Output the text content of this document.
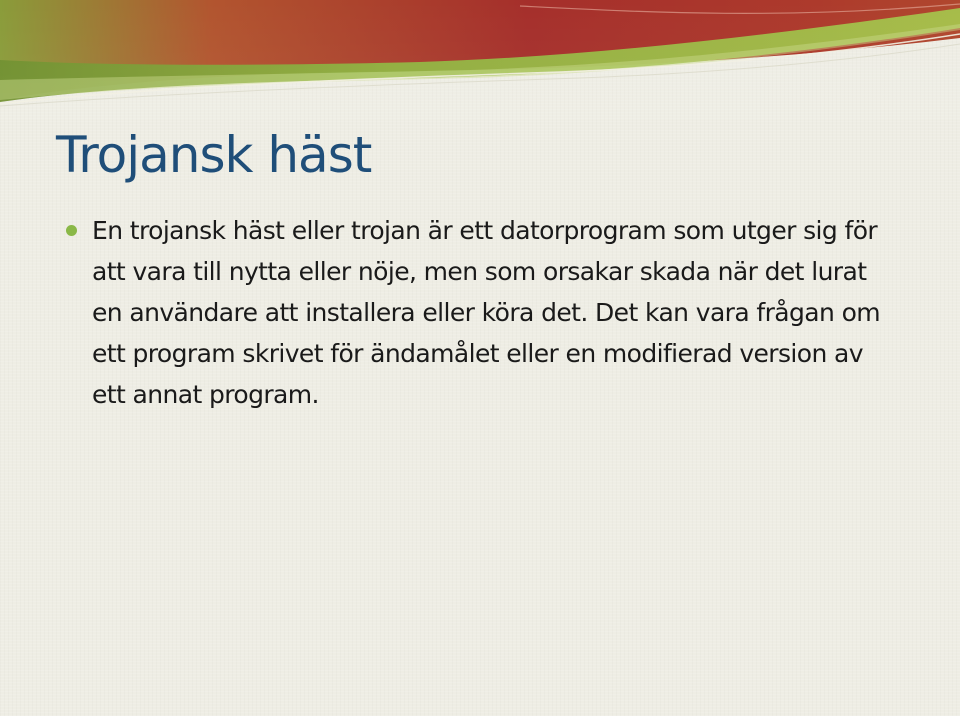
Trojansk häst
En trojansk häst eller trojan är ett datorprogram som utger sig för att vara till nytta eller nöje, men som orsakar skada när det lurat en användare att installera eller köra det. Det kan vara frågan om ett program skrivet för ändamålet eller en modifierad version av ett annat program.
